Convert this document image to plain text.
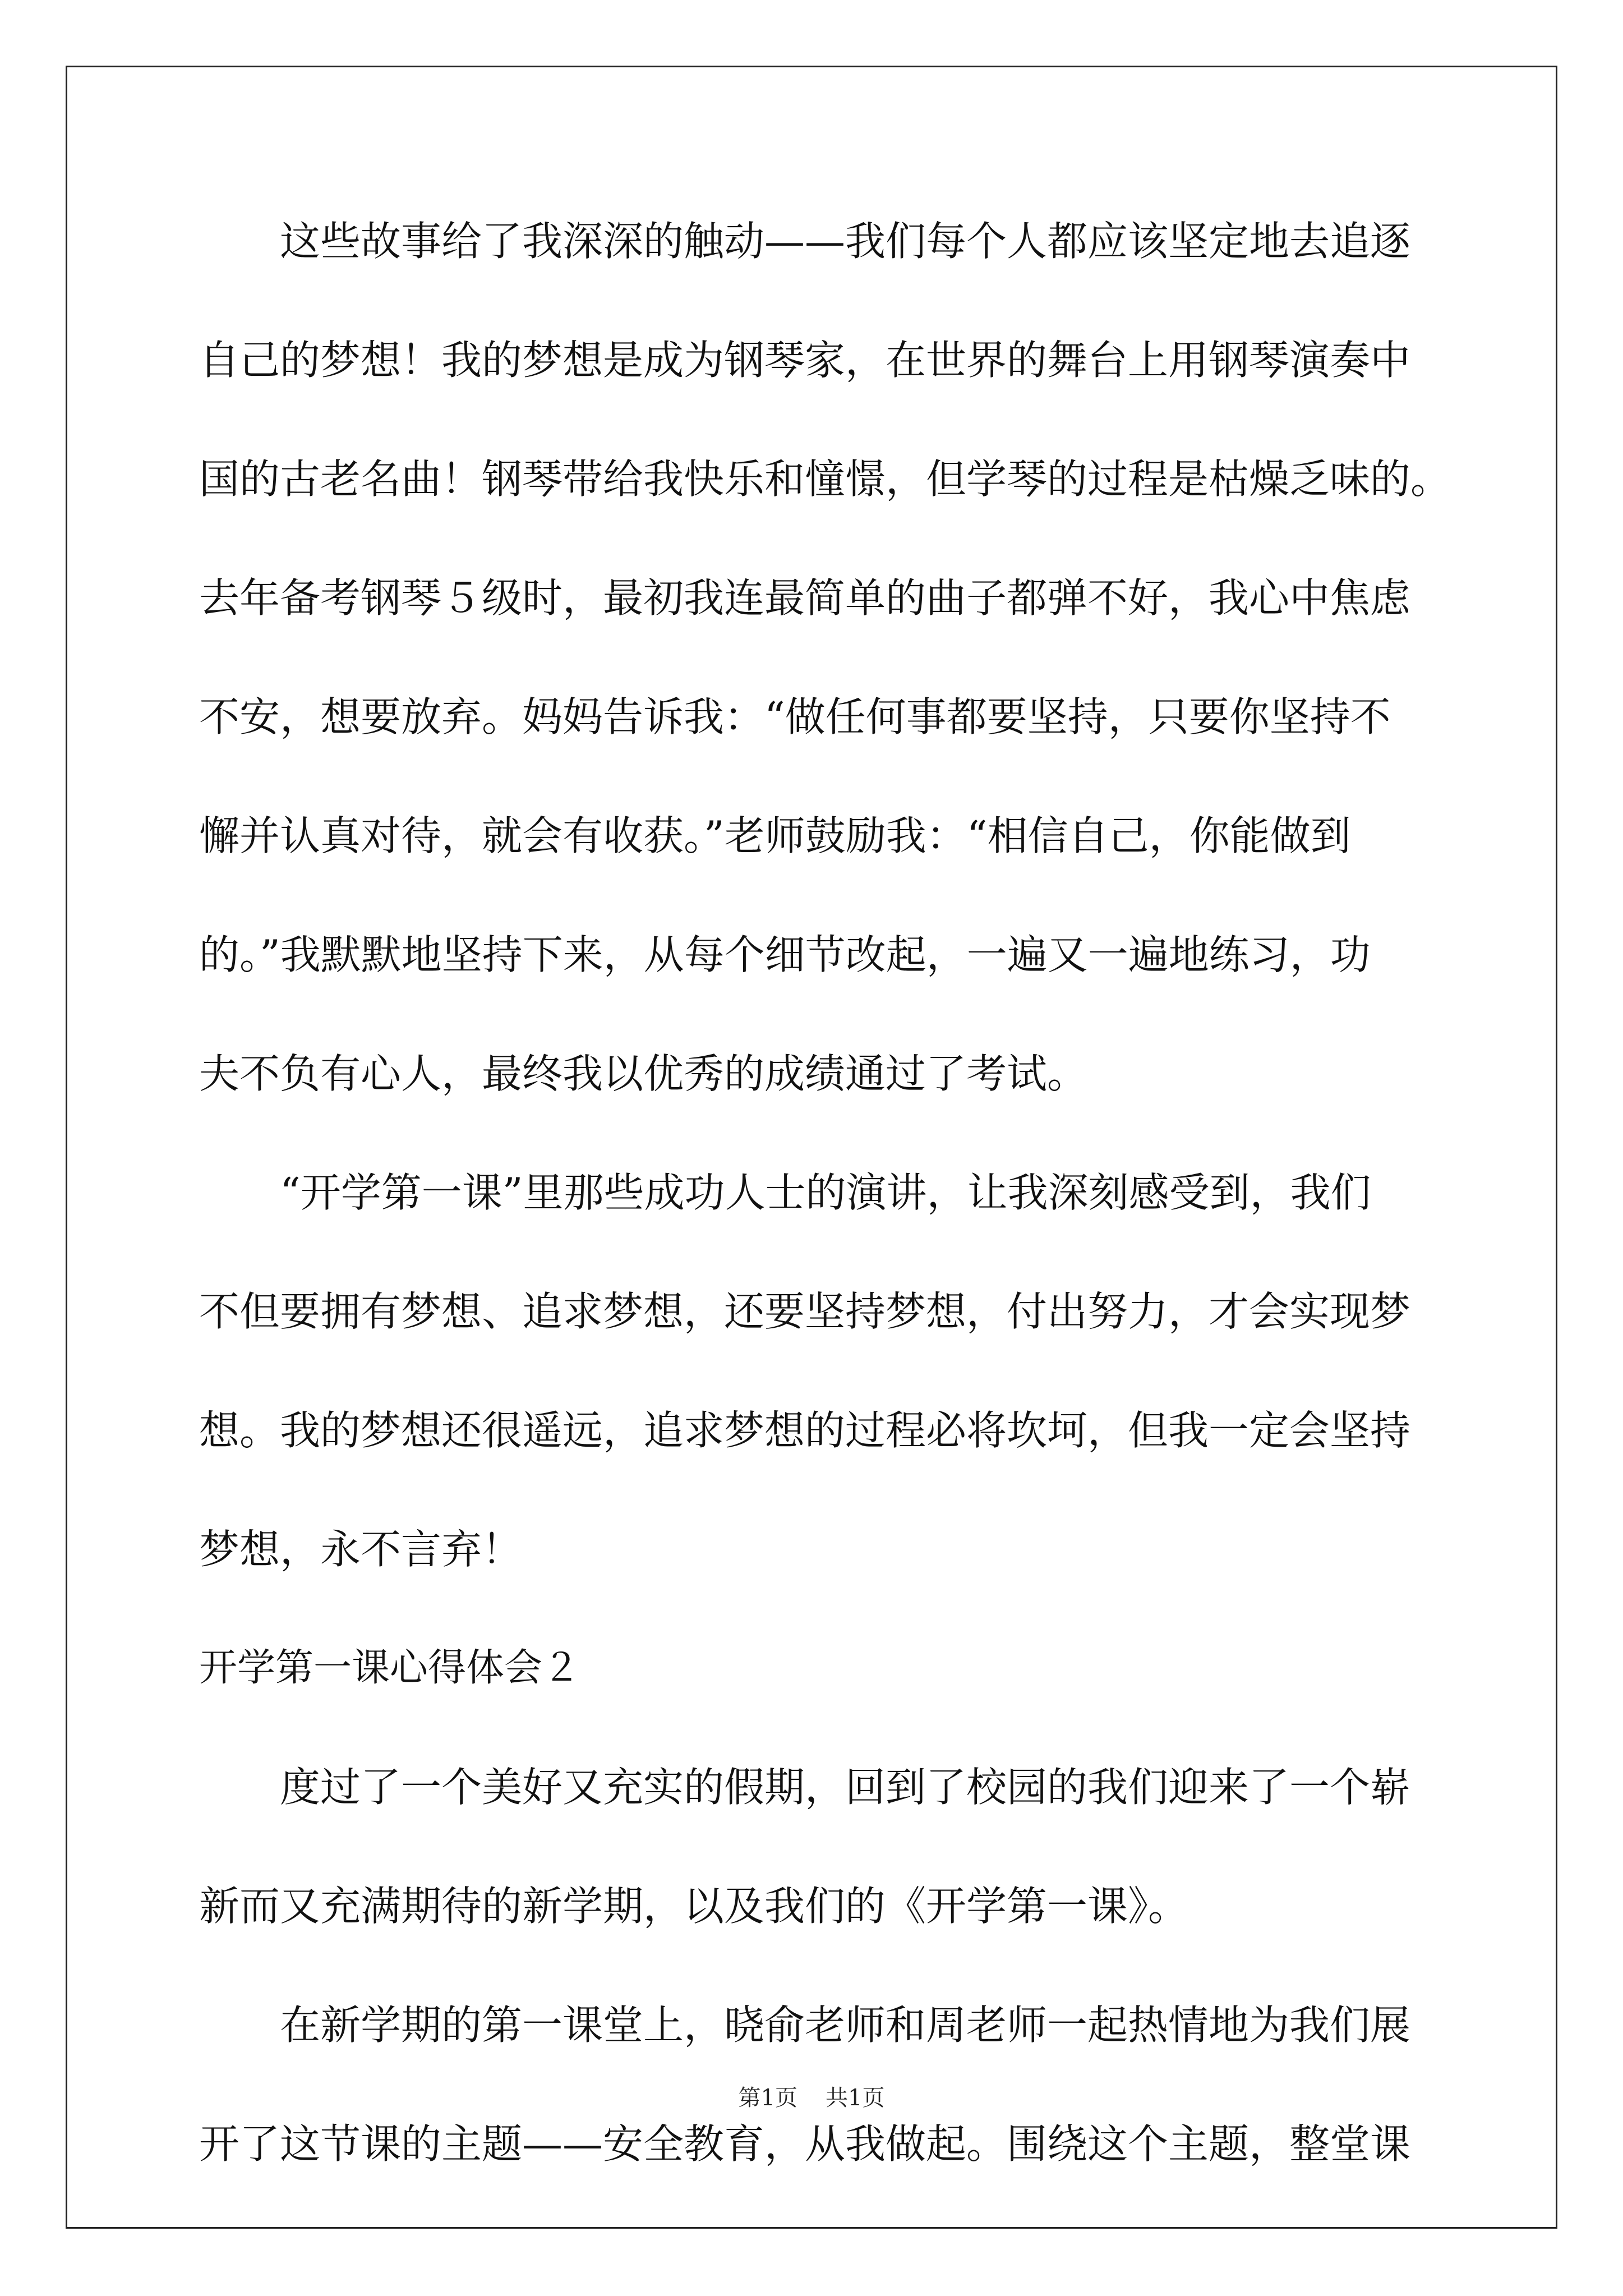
这些故事给了我深深的触动——我们每个人都应该坚定地去追逐
自己的梦想！我的梦想是成为钢琴家，在世界的舞台上用钢琴演奏中
国的古老名曲！钢琴带给我快乐和憧憬，但学琴的过程是枯燥乏味的。
去年备考钢琴５级时，最初我连最简单的曲子都弹不好，我心中焦虑
不安，想要放弃。妈妈告诉我：“做任何事都要坚持，只要你坚持不
懈并认真对待，就会有收获。”老师鼓励我：“相信自己，你能做到
的。”我默默地坚持下来，从每个细节改起，一遍又一遍地练习，功
夫不负有心人，最终我以优秀的成绩通过了考试。
“开学第一课”里那些成功人士的演讲，让我深刻感受到，我们
不但要拥有梦想、追求梦想，还要坚持梦想，付出努力，才会实现梦
想。我的梦想还很遥远，追求梦想的过程必将坎坷，但我一定会坚持
梦想，永不言弃！
开学第一课心得体会２
度过了一个美好又充实的假期，回到了校园的我们迎来了一个崭
新而又充满期待的新学期，以及我们的《开学第一课》。
在新学期的第一课堂上，晓俞老师和周老师一起热情地为我们展
开了这节课的主题——安全教育，从我做起。围绕这个主题，整堂课
第1页 共1页
